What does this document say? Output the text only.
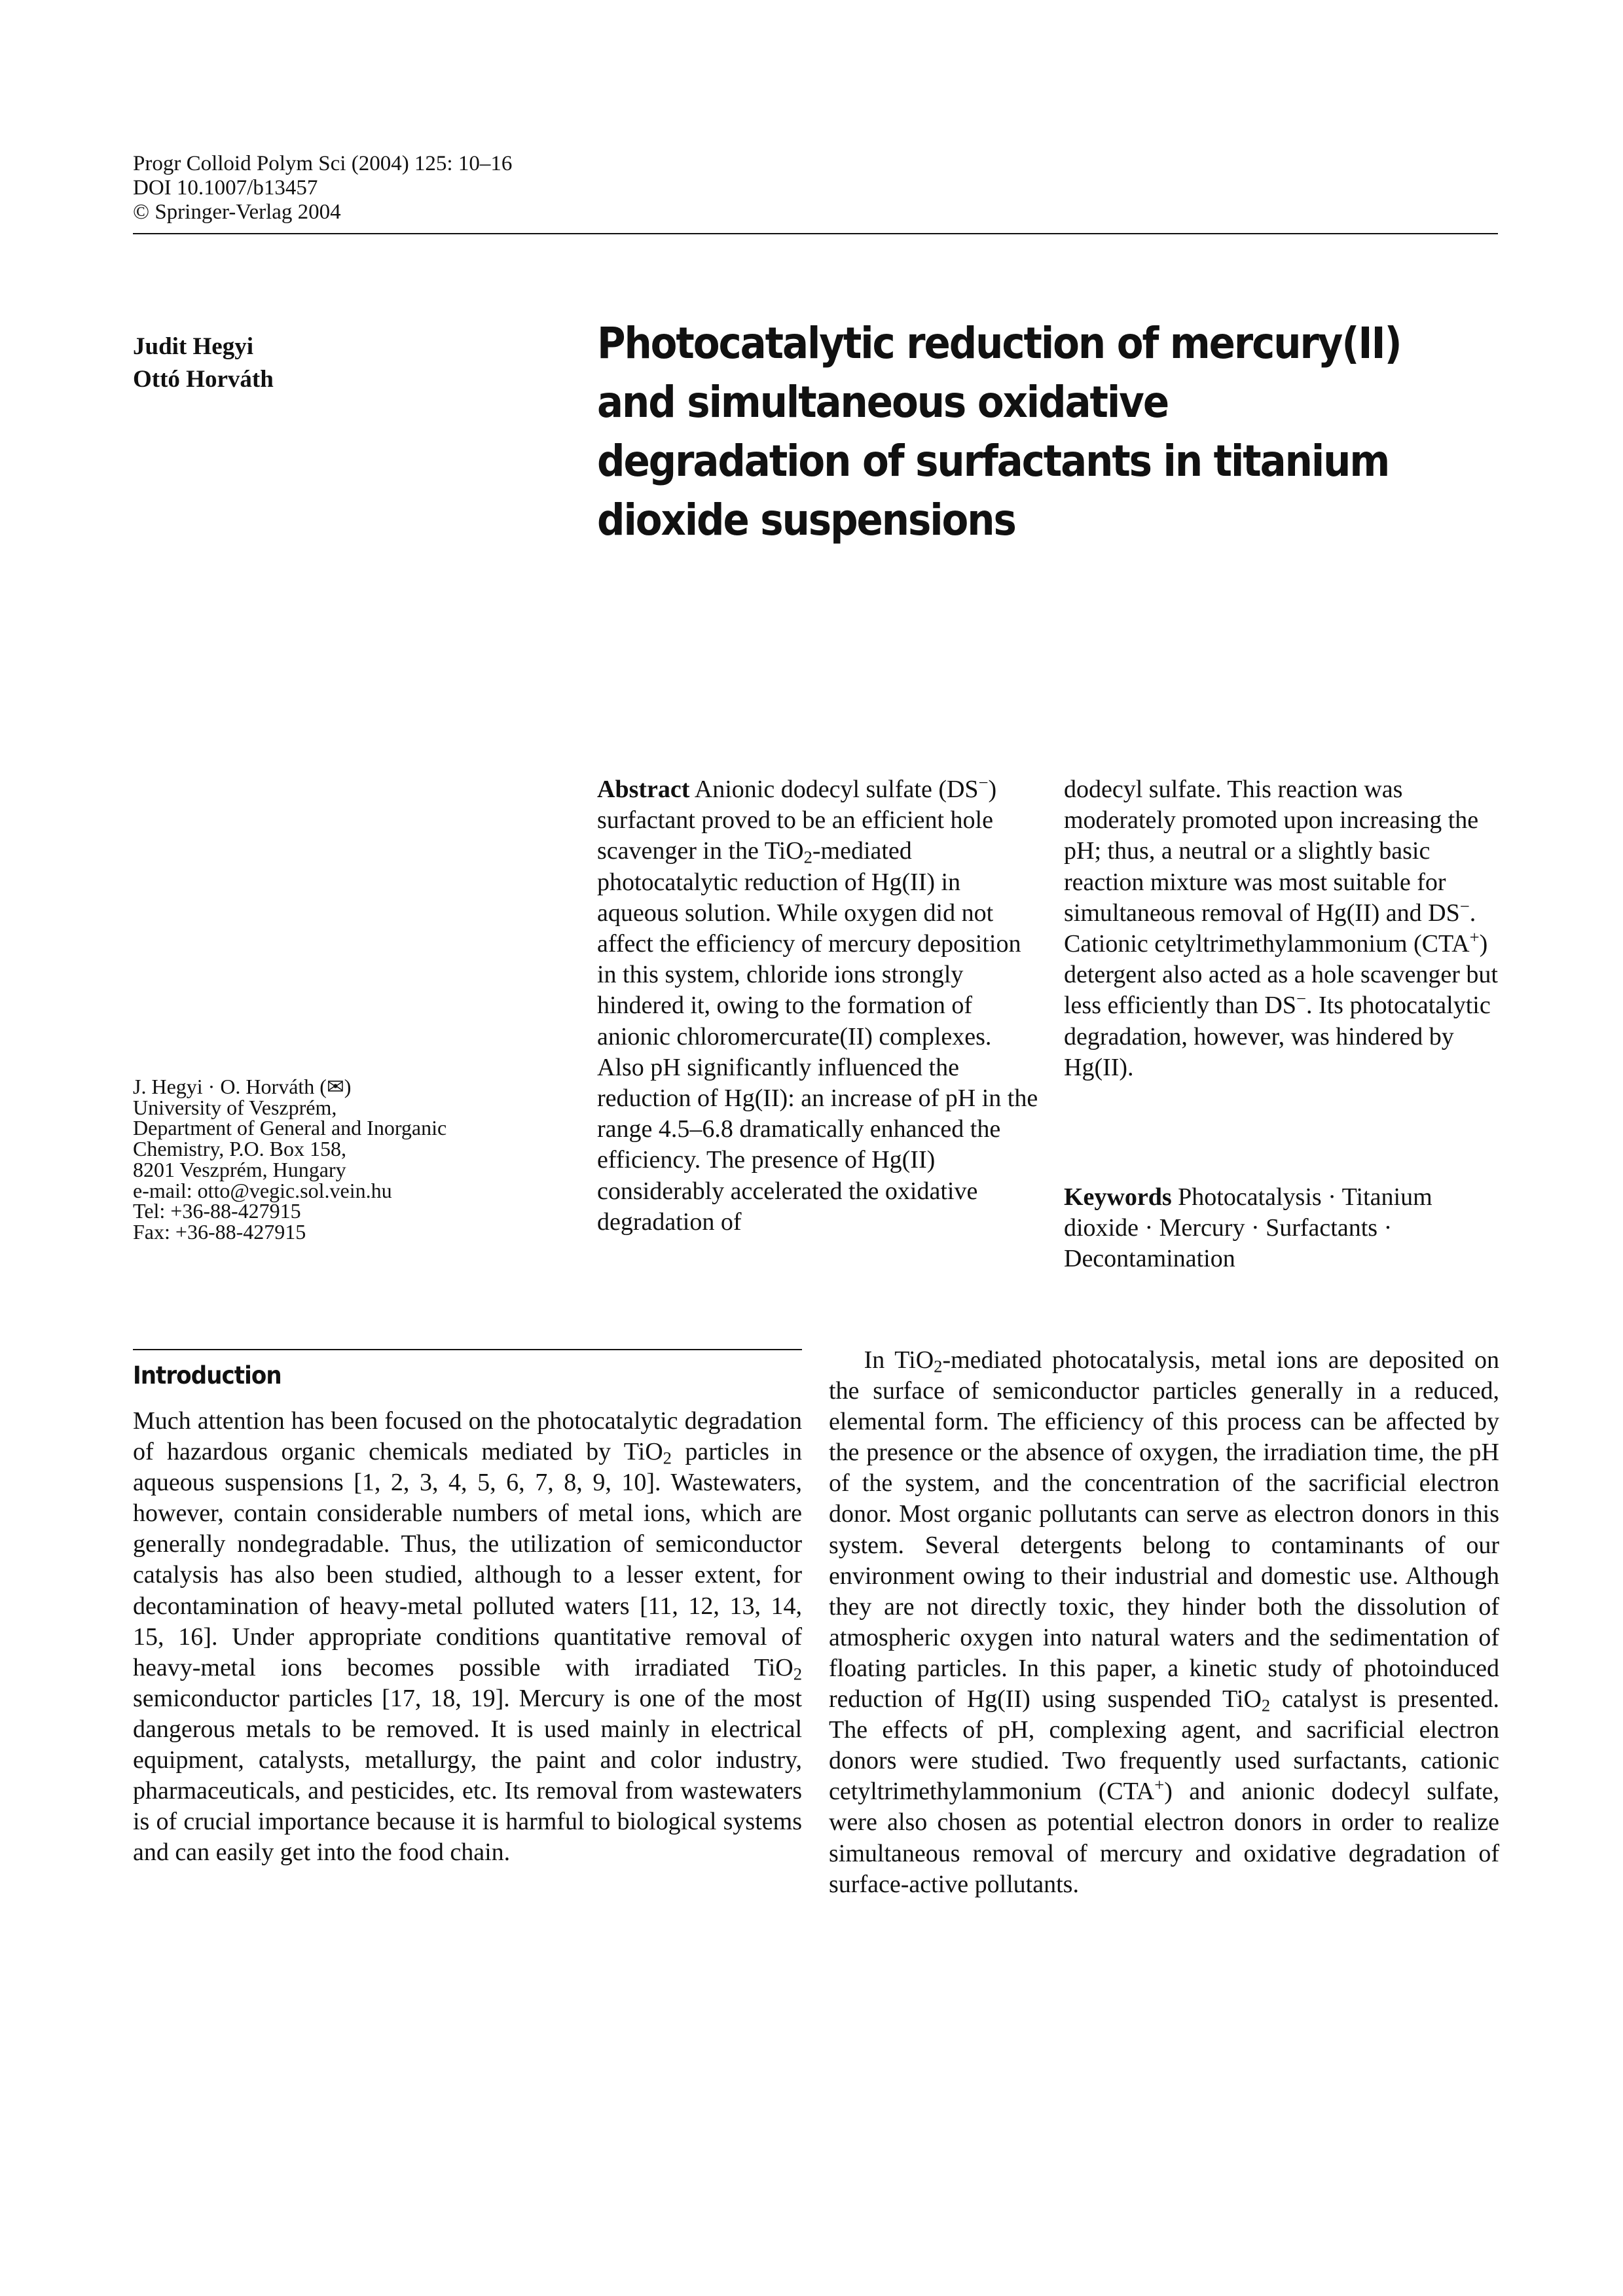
Progr Colloid Polym Sci (2004) 125: 10–16
DOI 10.1007/b13457
© Springer-Verlag 2004
Judit Hegyi
Ottó Horváth
Photocatalytic reduction of mercury(II) and simultaneous oxidative degradation of surfactants in titanium dioxide suspensions
J. Hegyi · O. Horváth (✉)
University of Veszprém,
Department of General and Inorganic
Chemistry, P.O. Box 158,
8201 Veszprém, Hungary
e-mail: otto@vegic.sol.vein.hu
Tel: +36-88-427915
Fax: +36-88-427915

Abstract Anionic dodecyl sulfate (DS−) surfactant proved to be an efficient hole scavenger in the TiO$_2$-mediated photocatalytic reduction of Hg(II) in aqueous solution. While oxygen did not affect the efficiency of mercury deposition in this system, chloride ions strongly hindered it, owing to the formation of anionic chloromercurate(II) complexes. Also pH significantly influenced the reduction of Hg(II): an increase of pH in the range 4.5–6.8 dramatically enhanced the efficiency. The presence of Hg(II) considerably accelerated the oxidative degradation of

dodecyl sulfate. This reaction was moderately promoted upon increasing the pH; thus, a neutral or a slightly basic reaction mixture was most suitable for simultaneous removal of Hg(II) and DS−. Cationic cetyltrimethylammonium (CTA+) detergent also acted as a hole scavenger but less efficiently than DS−. Its photocatalytic degradation, however, was hindered by Hg(II).

Keywords Photocatalysis · Titanium dioxide · Mercury · Surfactants · Decontamination

Introduction

Much attention has been focused on the photocatalytic degradation of hazardous organic chemicals mediated by TiO$_2$ particles in aqueous suspensions [1, 2, 3, 4, 5, 6, 7, 8, 9, 10]. Wastewaters, however, contain considerable numbers of metal ions, which are generally nondegradable. Thus, the utilization of semiconductor catalysis has also been studied, although to a lesser extent, for decontamination of heavy-metal polluted waters [11, 12, 13, 14, 15, 16]. Under appropriate conditions quantitative removal of heavy-metal ions becomes possible with irradiated TiO$_2$ semiconductor particles [17, 18, 19]. Mercury is one of the most dangerous metals to be removed. It is used mainly in electrical equipment, catalysts, metallurgy, the paint and color industry, pharmaceuticals, and pesticides, etc. Its removal from wastewaters is of crucial importance because it is harmful to biological systems and can easily get into the food chain.

  In TiO$_2$-mediated photocatalysis, metal ions are deposited on the surface of semiconductor particles generally in a reduced, elemental form. The efficiency of this process can be affected by the presence or the absence of oxygen, the irradiation time, the pH of the system, and the concentration of the sacrificial electron donor. Most organic pollutants can serve as electron donors in this system. Several detergents belong to contaminants of our environment owing to their industrial and domestic use. Although they are not directly toxic, they hinder both the dissolution of atmospheric oxygen into natural waters and the sedimentation of floating particles. In this paper, a kinetic study of photoinduced reduction of Hg(II) using suspended TiO$_2$ catalyst is presented. The effects of pH, complexing agent, and sacrificial electron donors were studied. Two frequently used surfactants, cationic cetyltrimethylammonium (CTA+) and anionic dodecyl sulfate, were also chosen as potential electron donors in order to realize simultaneous removal of mercury and oxidative degradation of surface-active pollutants.
